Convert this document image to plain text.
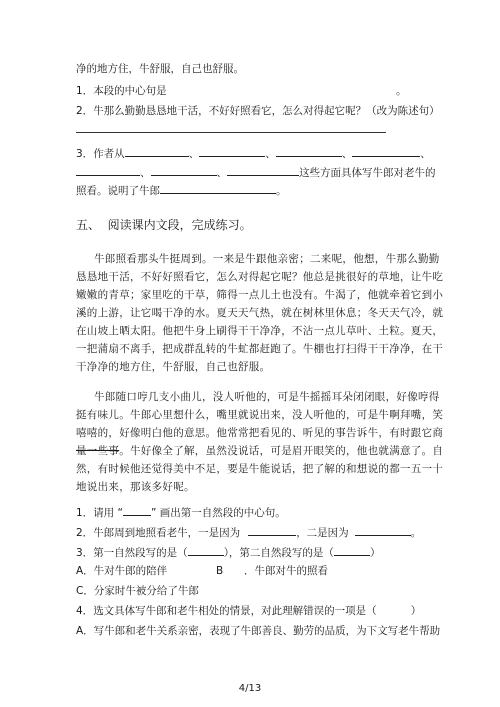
净的地方住，牛舒服，自己也舒服。
1．本段的中心句是	。
2．牛那么勤勤恳恳地干活，不好好照看它，怎么对得起它呢？（改为陈述句）
3．作者从	、	、	、	、
、	、	这些方面具体写牛郎对老牛的
照看。说明了牛郎	。
五、 阅读课内文段，完成练习。
牛郎照看那头牛挺周到。一来是牛跟他亲密；二来呢，他想，牛那么勤勤
恳恳地干活，不好好照看它，怎么对得起它呢？他总是挑很好的草地，让牛吃
嫩嫩的青草；家里吃的干草，筛得一点儿土也没有。牛渴了，他就牵着它到小
溪的上游，让它喝干净的水。夏天天气热，就在树林里休息；冬天天气冷，就
在山坡上晒太阳。他把牛身上刷得干干净净，不沾一点儿草叶、土粒。夏天，
一把蒲扇不离手，把成群乱转的牛虻都赶跑了。牛棚也打扫得干干净净，在干
干净净的地方住，牛舒服，自己也舒服。
牛郎随口哼几支小曲儿，没人听他的，可是牛摇摇耳朵闭闭眼，好像哼得
挺有味儿。牛郎心里想什么，嘴里就说出来，没人听他的，可是牛啊拜嘴，笑
嘻嘻的，好像明白他的意思。他常常把看见的、听见的事告诉牛，有时跟它商
量一些事。牛好像全了解，虽然没说话，可是眉开眼笑的，他也就满意了。自
然，有时候他还觉得美中不足，要是牛能说话，把了解的和想说的都一五一十
地说出来，那该多好呢。
1．请用 “	” 画出第一自然段的中心句。
2．牛郎周到地照看老牛，一是因为	，二是因为	。
3．第一自然段写的是（	），第二自然段写的是（	）
A．牛对牛郎的陪伴	B ．牛郎对牛的照看
C．分家时牛被分给了牛郎
4．选文具体写牛郎和老牛相处的情景，对此理解错误的一项是（	）
A．写牛郎和老牛关系亲密，表现了牛郎善良、勤劳的品质，为下文写老牛帮助
4/13
